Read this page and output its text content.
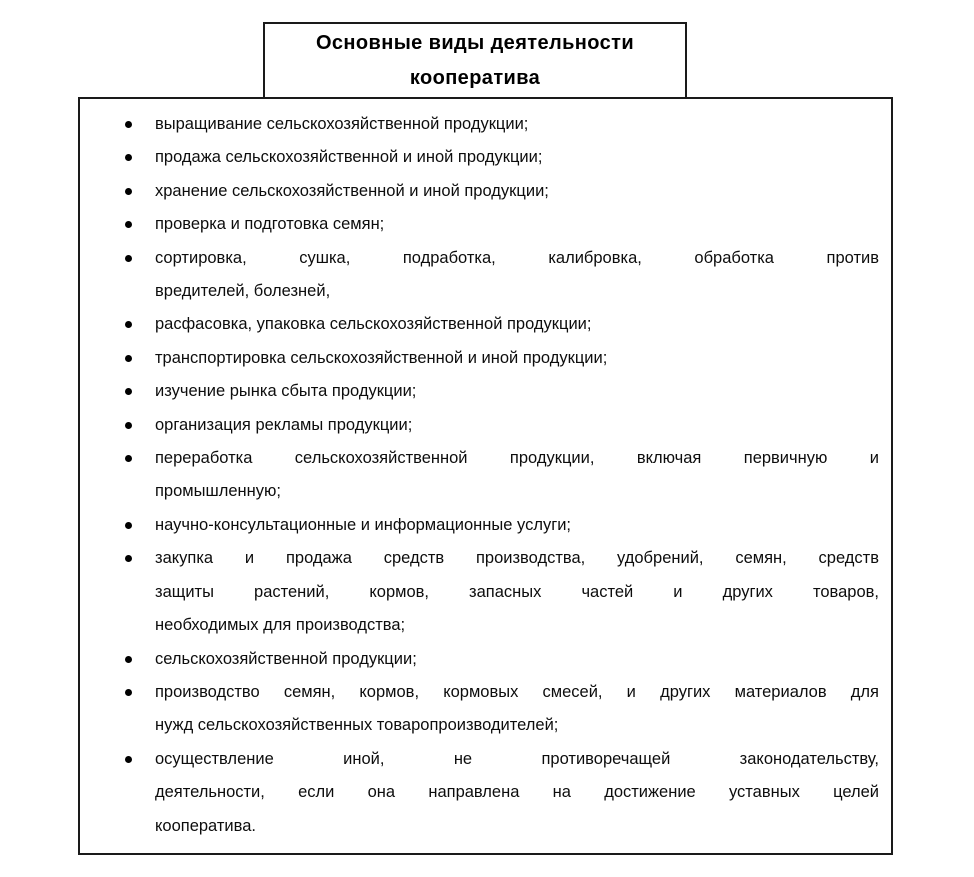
Основные виды деятельности кооператива
выращивание сельскохозяйственной продукции;
продажа сельскохозяйственной и иной продукции;
хранение сельскохозяйственной и иной продукции;
проверка и подготовка семян;
сортировка, сушка, подработка, калибровка, обработка против
вредителей, болезней,
расфасовка, упаковка сельскохозяйственной продукции;
транспортировка сельскохозяйственной и иной продукции;
изучение рынка сбыта продукции;
организация рекламы продукции;
переработка сельскохозяйственной продукции, включая первичную и
промышленную;
научно-консультационные и информационные услуги;
закупка и продажа средств производства, удобрений, семян, средств
защиты растений, кормов, запасных частей и других товаров,
необходимых для производства;
сельскохозяйственной продукции;
производство семян, кормов, кормовых смесей, и других материалов для
нужд сельскохозяйственных товаропроизводителей;
осуществление иной, не противоречащей законодательству,
деятельности, если она направлена на достижение уставных целей
кооператива.
